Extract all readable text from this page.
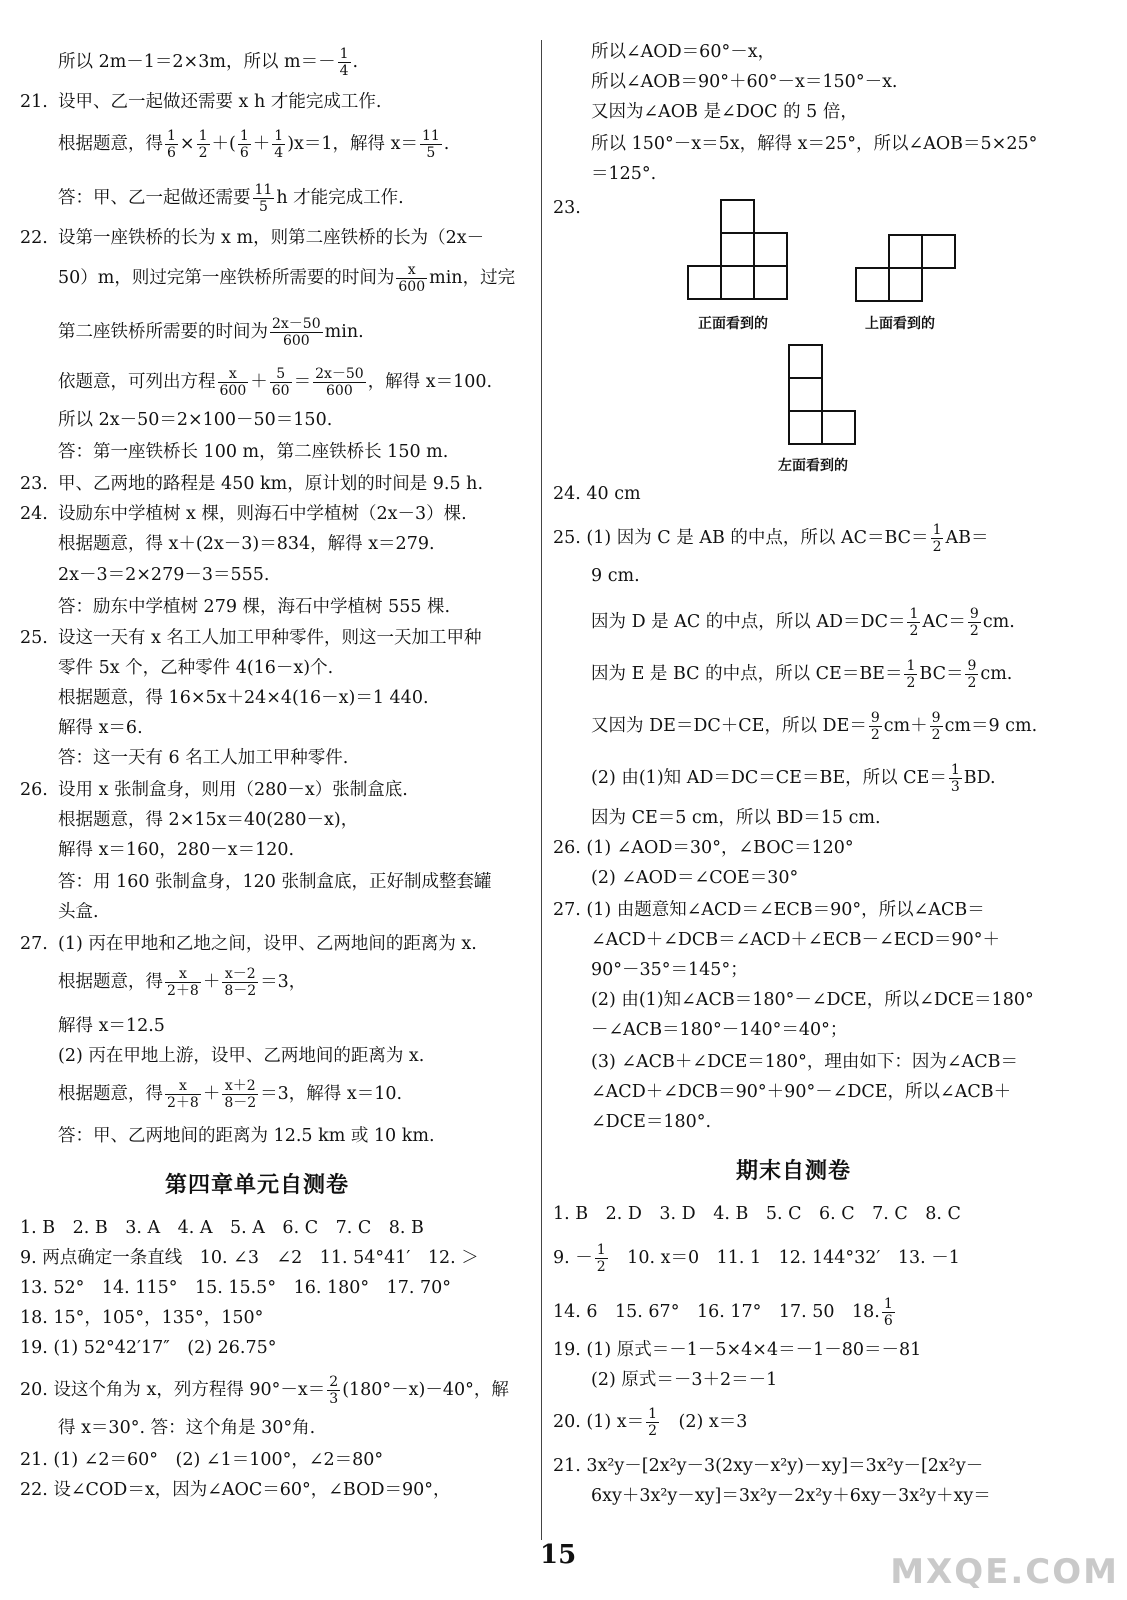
所以 2m－1＝2×3m，所以 $m=- \frac{1}{4}$ .
21. 设甲、乙一起做还需要 x h 才能完成工作.
根据题意，得 $\frac{1}{6} \times \frac{1}{2}$ ＋( $\frac{1}{6} + \frac{1}{4} )x=1$，解得 $x= \frac{11}{5}$ .
答：甲、乙一起做还需要 $\frac{11}{5}$ h 才能完成工作.
22. 设第一座铁桥的长为 x m，则第二座铁桥的长为（2x－
50）m，则过完第一座铁桥所需要的时间为 $\frac{x}{600}$ min，过完
第二座铁桥所需要的时间为 $\frac{2x-50}{600} \min$.
依题意，可列出方程 $\frac{x}{600} + \frac{5}{60} = \frac{2x-50}{600}$ ，解得 x＝100.
所以 2x－50＝2×100－50＝150.
答：第一座铁桥长 100 m，第二座铁桥长 150 m.
23. 甲、乙两地的路程是 450 km，原计划的时间是 9.5 h.
24. 设励东中学植树 x 棵，则海石中学植树（2x－3）棵.
根据题意，得 x＋(2x－3)＝834，解得 x＝279.
2x－3＝2×279－3＝555.
答：励东中学植树 279 棵，海石中学植树 555 棵.
25. 设这一天有 x 名工人加工甲种零件，则这一天加工甲种
零件 5x 个，乙种零件 4(16－x)个.
根据题意，得 16×5x＋24×4(16－x)＝1 440.
解得 x＝6.
答：这一天有 6 名工人加工甲种零件.
26. 设用 x 张制盒身，则用（280－x）张制盒底.
根据题意，得 2×15x＝40(280－x)，
解得 x＝160，280－x＝120.
答：用 160 张制盒身，120 张制盒底，正好制成整套罐
头盒.
27. (1) 丙在甲地和乙地之间，设甲、乙两地间的距离为 x.
根据题意，得 $\frac{x}{2+8} + \frac{x-2}{8-2} =3$，
解得 x＝12.5
(2) 丙在甲地上游，设甲、乙两地间的距离为 x.
根据题意，得 $\frac{x}{2+8} + \frac{x+2}{8-2} =3$，解得 x＝10.
答：甲、乙两地间的距离为 12.5 km 或 10 km.
第四章单元自测卷
1. B　2. B　3. A　4. A　5. A　6. C　7. C　8. B
9. 两点确定一条直线　10. ∠3　∠2　11. 54°41′　12. ＞
13. 52°　14. 115°　15. 15.5°　16. 180°　17. 70°
18. 15°，105°，135°，150°
19. (1) 52°42′17″　(2) 26.75°
20. 设这个角为 x，列方程得 $90^\circ-x= \frac{2}{3} (180^\circ-x)-40^\circ$，解
得 x＝30°. 答：这个角是 30°角.
21. (1) ∠2＝60°　(2) ∠1＝100°，∠2＝80°
22. 设∠COD＝x，因为∠AOC＝60°，∠BOD＝90°，
所以∠AOD＝60°－x，
所以∠AOB＝90°＋60°－x＝150°－x.
又因为∠AOB 是∠DOC 的 5 倍，
所以 150°－x＝5x，解得 x＝25°，所以∠AOB＝5×25°
＝125°.
23.
正面看到的	上面看到的
左面看到的
24. 40 cm
25. (1) 因为 C 是 AB 的中点，所以 $AC=BC= \frac{1}{2} AB=$
9 cm.
因为 D 是 AC 的中点，所以 $AD=DC= \frac{1}{2} AC= \frac{9}{2}$ cm.
因为 E 是 BC 的中点，所以 $CE=BE= \frac{1}{2} BC= \frac{9}{2}$ cm.
又因为 DE＝DC＋CE，所以 $DE= \frac{9}{2} cm+ \frac{9}{2} cm=9$ cm.
(2) 由(1)知 AD＝DC＝CE＝BE，所以 $CE= \frac{1}{3}$ BD.
因为 CE＝5 cm，所以 BD＝15 cm.
26. (1) ∠AOD＝30°，∠BOC＝120°
(2) ∠AOD＝∠COE＝30°
27. (1) 由题意知∠ACD＝∠ECB＝90°，所以∠ACB＝
∠ACD＋∠DCB＝∠ACD＋∠ECB－∠ECD＝90°＋
90°－35°＝145°；
(2) 由(1)知∠ACB＝180°－∠DCE，所以∠DCE＝180°
－∠ACB＝180°－140°＝40°；
(3) ∠ACB＋∠DCE＝180°，理由如下：因为∠ACB＝
∠ACD＋∠DCB＝90°＋90°－∠DCE，所以∠ACB＋
∠DCE＝180°.
期末自测卷
1. B　2. D　3. D　4. B　5. C　6. C　7. C　8. C
9. － $\frac{1}{2}$ 　10. x＝0　11. 1　12. 144°32′　13. －1
14. 6　15. 67°　16. 17°　17. 50　18. $\frac{1}{6}$
19. (1) 原式＝－1－5×4×4＝－1－80＝－81
(2) 原式＝－3＋2＝－1
20. (1) $x= \frac{1}{2}$ 　(2) x＝3
21. 3x²y－[2x²y－3(2xy－x²y)－xy]＝3x²y－[2x²y－
6xy＋3x²y－xy]＝3x²y－2x²y＋6xy－3x²y＋xy＝
15	MXQE.COM
